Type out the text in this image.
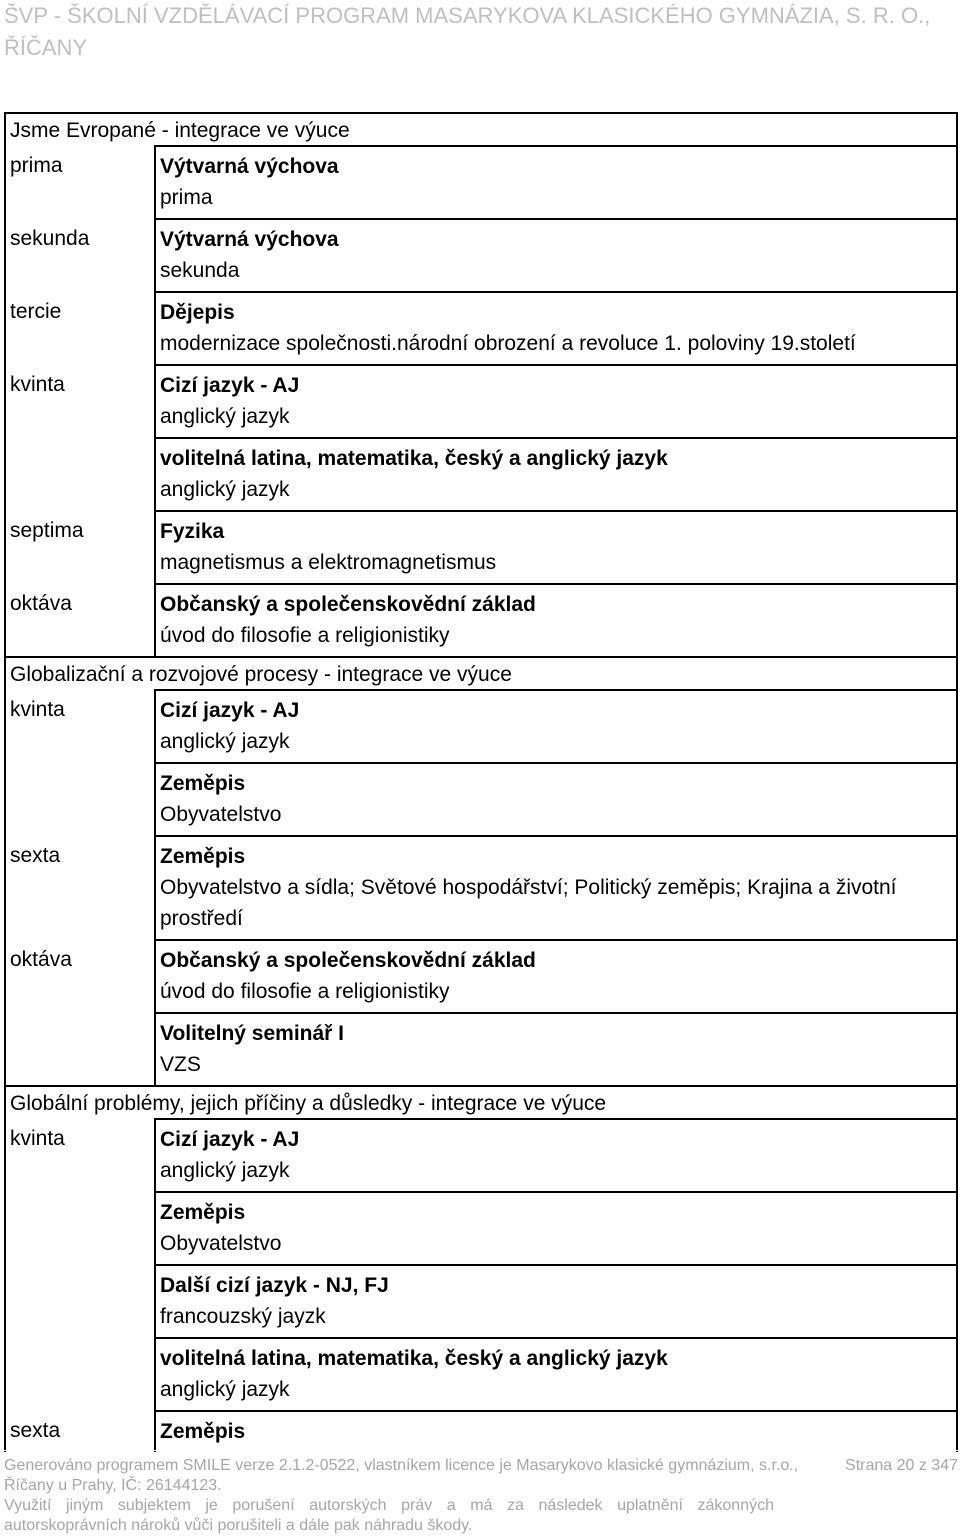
ŠVP - ŠKOLNÍ VZDĚLÁVACÍ PROGRAM MASARYKOVA KLASICKÉHO GYMNÁZIA, S. R. O., ŘÍČANY
Jsme Evropané - integrace ve výuce
prima	Výtvarná výchova
prima
sekunda	Výtvarná výchova
sekunda
tercie	Dějepis
modernizace společnosti.národní obrození a revoluce 1. poloviny 19.století
kvinta	Cizí jazyk - AJ
anglický jazyk
volitelná latina, matematika, český a anglický jazyk
anglický jazyk
septima	Fyzika
magnetismus a elektromagnetismus
oktáva	Občanský a společenskovědní základ
úvod do filosofie a religionistiky
Globalizační a rozvojové procesy - integrace ve výuce
kvinta	Cizí jazyk - AJ
anglický jazyk
Zeměpis
Obyvatelstvo
sexta	Zeměpis
Obyvatelstvo a sídla; Světové hospodářství; Politický zeměpis; Krajina a životní prostředí
oktáva	Občanský a společenskovědní základ
úvod do filosofie a religionistiky
Volitelný seminář I
VZS
Globální problémy, jejich příčiny a důsledky - integrace ve výuce
kvinta	Cizí jazyk - AJ
anglický jazyk
Zeměpis
Obyvatelstvo
Další cizí jazyk - NJ, FJ
francouzský jayzk
volitelná latina, matematika, český a anglický jazyk
anglický jazyk
sexta	Zeměpis
Generováno programem SMILE verze 2.1.2-0522, vlastníkem licence je Masarykovo klasické gymnázium, s.r.o., Říčany u Prahy, IČ: 26144123.
Strana 20 z 347
Využití jiným subjektem je porušení autorských práv a má za následek uplatnění zákonných autorskoprávních nároků vůči porušiteli a dále pak náhradu škody.
